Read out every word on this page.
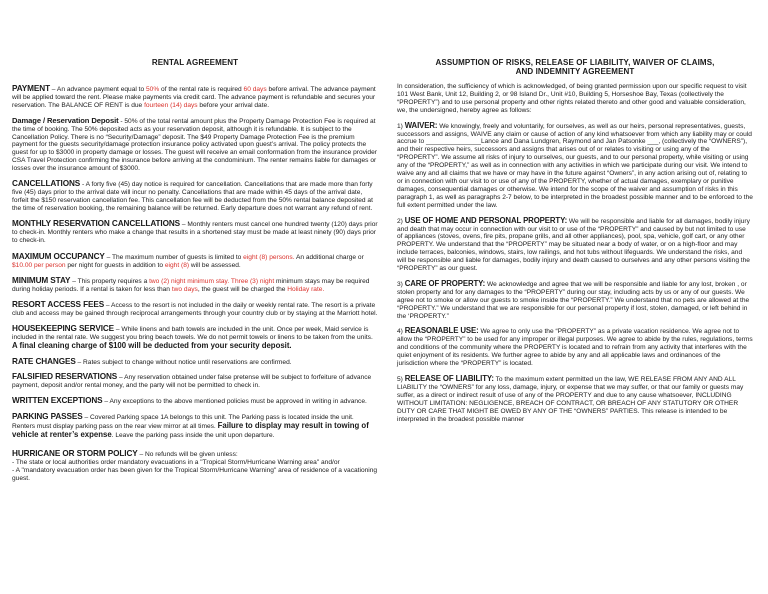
RENTAL AGREEMENT

PAYMENT – An advance payment equal to 50% of the rental rate is required 60 days before arrival. The advance payment will be applied toward the rent. Please make payments via credit card. The advance payment is refundable and secures your reservation. The BALANCE OF RENT is due fourteen (14) days before your arrival date.

Damage / Reservation Deposit - 50% of the total rental amount plus the Property Damage Protection Fee is required at the time of booking. The 50% deposited acts as your reservation deposit, although it is refundable. It is subject to the Cancellation Policy. There is no “Security/Damage” deposit. The $49 Property Damage Protection Fee is the premium payment for the guests security/damage protection insurance policy activated upon guest’s arrival. The policy protects the guest for up to $3000 in property damage or losses. The guest will receive an email conformation from the insurance provider CSA Travel Protection confirming the insurance before arriving at the condominium. The renter remains liable for damages or losses over the insurance amount of $3000.

CANCELLATIONS - A forty five (45) day notice is required for cancellation. Cancellations that are made more than forty five (45) days prior to the arrival date will incur no penalty. Cancellations that are made within 45 days of the arrival date, forfeit the $150 reservation cancellation fee. This cancellation fee will be deducted from the 50% rental balance deposited at the time of reservation booking, the remaining balance will be returned. Early departure does not warrant any refund of rent.

MONTHLY RESERVATION CANCELLATIONS – Monthly renters must cancel one hundred twenty (120) days prior to check-in. Monthly renters who make a change that results in a shortened stay must be made at least ninety (90) days prior to check-in.

MAXIMUM OCCUPANCY – The maximum number of guests is limited to eight (8) persons. An additional charge or $10.00 per person per night for guests in addition to eight (8) will be assessed.

MINIMUM STAY – This property requires a two (2) night minimum stay. Three (3) night minimum stays may be required during holiday periods. If a rental is taken for less than two days, the guest will be charged the Holiday rate.

RESORT ACCESS FEES – Access to the resort is not included in the daily or weekly rental rate. The resort is a private club and access may be gained through reciprocal arrangements through your country club or by staying at the Marriott hotel.

HOUSEKEEPING SERVICE – While linens and bath towels are included in the unit. Once per week, Maid service is included in the rental rate. We suggest you bring beach towels. We do not permit towels or linens to be taken from the units. A final cleaning charge of $100 will be deducted from your security deposit.

RATE CHANGES – Rates subject to change without notice until reservations are confirmed.

FALSIFIED RESERVATIONS – Any reservation obtained under false pretense will be subject to forfeiture of advance payment, deposit and/or rental money, and the party will not be permitted to check in.

WRITTEN EXCEPTIONS – Any exceptions to the above mentioned policies must be approved in writing in advance.

PARKING PASSES – Covered Parking space 1A belongs to this unit. The Parking pass is located inside the unit. Renters must display parking pass on the rear view mirror at all times. Failure to display may result in towing of vehicle at renter’s expense. Leave the parking pass inside the unit upon departure.

HURRICANE OR STORM POLICY – No refunds will be given unless:
- The state or local authorities order mandatory evacuations in a "Tropical Storm/Hurricane Warning area" and/or
- A "mandatory evacuation order has been given for the Tropical Storm/Hurricane Warning" area of residence of a vacationing guest.
ASSUMPTION OF RISKS, RELEASE OF LIABILITY, WAIVER OF CLAIMS,
AND INDEMNITY AGREEMENT

In consideration, the sufficiency of which is acknowledged, of being granted permission upon our specific request to visit 101 West Bank, Unit 12, Building 2, or 98 Island Dr., Unit #10, Building 5, Horseshoe Bay, Texas (collectively the “PROPERTY”) and to use personal property and other rights related thereto and other good and valuable consideration, we, the undersigned, hereby agree as follows:

1) WAIVER: We knowingly, freely and voluntarily, for ourselves, as well as our heirs, personal representatives, guests, successors and assigns, WAIVE any claim or cause of action of any kind whatsoever from which any liability may or could accrue to _______________Lance and Dana Lundgren, Raymond and Jan Patsonke ___, (collectively the “OWNERS”), and their respective heirs, successors and assigns that arises out of or relates to visiting or using any of the “PROPERTY”. We assume all risks of injury to ourselves, our guests, and to our personal property, while visiting or using any of the “PROPERTY,” as well as in connection with any activities in which we participate during our visit. We intend to waive any and all claims that we have or may have in the future against “Owners”, in any action arising out of, relating to or in connection with our visit to or use of any of the PROPERTY, whether of actual damages, exemplary or punitive damages, consequential damages or otherwise. We intend for the scope of the waiver and assumption of risks in this paragraph 1, as well as paragraphs 2-7 below, to be interpreted in the broadest possible manner and to be enforced to the full extent permitted under the law.

2) USE OF HOME AND PERSONAL PROPERTY: We will be responsible and liable for all damages, bodily injury and death that may occur in connection with our visit to or use of the “PROPERTY” and caused by but not limited to use of appliances (stoves, ovens, fire pits, propane grills, and all other appliances), pool, spa, vehicle, golf cart, or any other PROPERTY. We understand that the “PROPERTY” may be situated near a body of water, or on a high-floor and may include terraces, balconies, windows, stairs, low railings, and hot tubs without lifeguards. We understand the risks, and will be responsible and liable for damages, bodily injury and death caused to ourselves and any other persons visiting the “PROPERTY” as our guest.

3) CARE OF PROPERTY: We acknowledge and agree that we will be responsible and liable for any lost, broken , or stolen property and for any damages to the “PROPERTY” during our stay, including acts by us or any of our guests. We agree not to smoke or allow our guests to smoke inside the “PROPERTY.” We understand that no pets are allowed at the “PROPERTY.” We understand that we are responsible for our personal property if lost, stolen, damaged, or left behind in the ‘PROPERTY.”

4) REASONABLE USE: We agree to only use the “PROPERTY” as a private vacation residence. We agree not to allow the “PROPERTY” to be used for any improper or illegal purposes. We agree to abide by the rules, regulations, terms and conditions of the community where the PROPERTY is located and to refrain from any activity that interferes with the quiet enjoyment of its residents. We further agree to abide by any and all applicable laws and ordinances of the jurisdiction where the “PROPERTY” is located.

5) RELEASE OF LIABILITY: To the maximum extent permitted un the law, WE RELEASE FROM ANY AND ALL LIABILITY the “OWNERS” for any loss, damage, injury, or expense that we may suffer, or that our family or guests may suffer, as a direct or indirect result of use of any of the PROPERTY and due to any cause whatsoever, INCLUDING WITHOUT LIMITATION: NEGLIGENCE, BREACH OF CONTRACT, OR BREACH OF ANY STATUTORY OR OTHER DUTY OR CARE THAT MIGHT BE OWED BY ANY OF THE “OWNERS” PARTIES. This release is intended to be interpreted in the broadest possible manner
